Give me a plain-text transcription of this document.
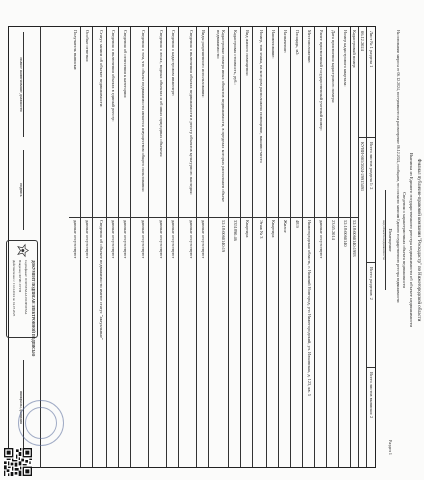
Филиал публично-правовой компании "Роскадастр" по Нижегородской области
Выписка из Единого государственного реестра недвижимости об объекте недвижимости
Сведения о характеристиках объекта недвижимости
На основании запроса от 06.12.2024, поступившего на рассмотрение 06.12.2024, сообщаем, что согласно записям Единого государственного реестра недвижимости:
Помещение
вид объекта недвижимости
Раздел 1
Лист № 1 раздела 1
Всего листов раздела 1: 2
Всего разделов: 2
Всего листов выписки: 2
06.12.2024
КУВИ-001/2024-29915491
Кадастровый номер:
52:18:0060140:1993
Номер кадастрового квартала:
52:18:0060140
Дата присвоения кадастрового номера:
23.05.2014
Ранее присвоенный государственный учетный номер:
данные отсутствуют
Местоположение:
Нижегородская область, г. Нижний Новгород, р-н Нижегородский, ул. Ильинская, д. 123, кв. 5
Площадь, м2:
48.9
Назначение:
Жилое
Наименование:
Квартира
Номер, тип этажа, на котором расположено помещение, машино-место
Этаж № 3
Вид жилого помещения:
Квартира
Кадастровая стоимость, руб.:
3351890.46
Кадастровые номера иных объектов недвижимости, в пределах которых расположен объект недвижимости:
52:18:0060140:19
Виды разрешенного использования:
данные отсутствуют
Сведения о включении объекта недвижимости в реестр объектов культурного наследия:
данные отсутствуют
Сведения о кадастровом инженере:
данные отсутствуют
Сведения о лесах, водных объектах и об иных природных объектах:
данные отсутствуют
Сведения о том, что объект недвижимости является имуществом общего пользования:
данные отсутствуют
Сведения об отнесении к категории:
данные отсутствуют
Сведения о включении объекта в единый реестр:
данные отсутствуют
Статус записи об объекте недвижимости:
Сведения об объекте недвижимости имеют статус "актуальные"
Особые отметки:
данные отсутствуют
Получатель выписки:
данные отсутствуют
полное наименование должности
подпись
инициалы, фамилия
ДОКУМЕНТ ПОДПИСАН ЭЛЕКТРОННОЙ ПОДПИСЬЮ
Сертификат: 0C9E6E6A4A19C9E6E6A4
Владелец: ФГИС ЕГРН
Действителен: с 11.04.2024 по 04.07.2025
